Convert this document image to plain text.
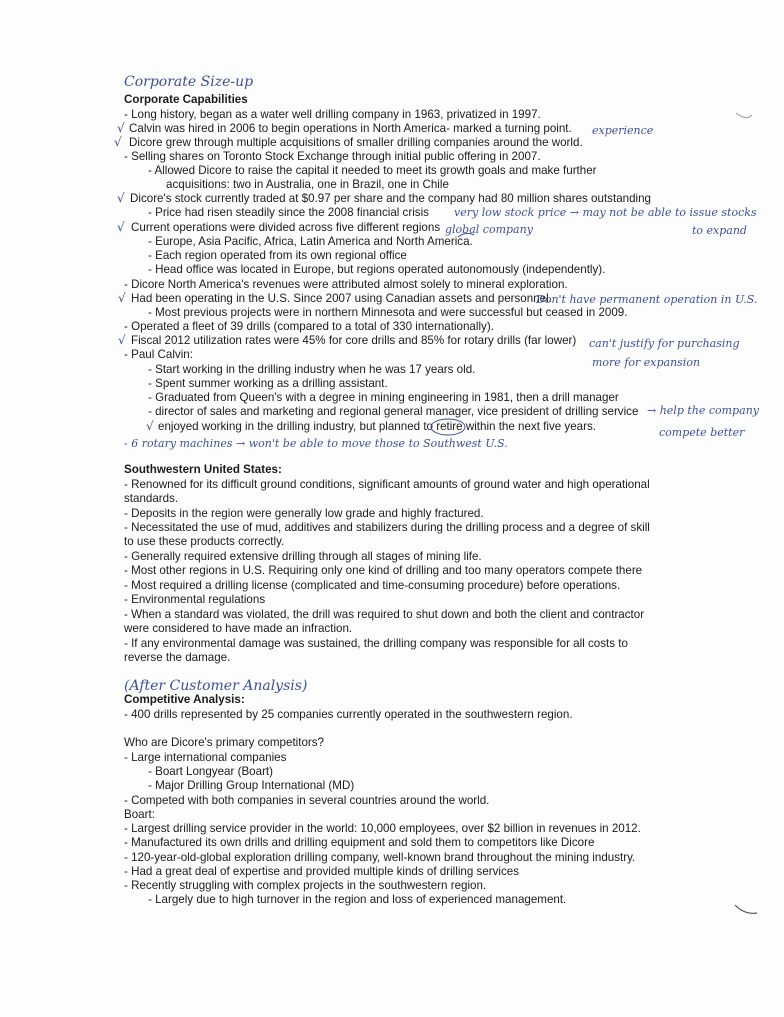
Corporate Capabilities
- Long history, began as a water well drilling company in 1963, privatized in 1997.
Calvin was hired in 2006 to begin operations in North America- marked a turning point.
Dicore grew through multiple acquisitions of smaller drilling companies around the world.
- Selling shares on Toronto Stock Exchange through initial public offering in 2007.
- Allowed Dicore to raise the capital it needed to meet its growth goals and make further
acquisitions: two in Australia, one in Brazil, one in Chile
Dicore's stock currently traded at $0.97 per share and the company had 80 million shares outstanding
- Price had risen steadily since the 2008 financial crisis
Current operations were divided across five different regions
- Europe, Asia Pacific, Africa, Latin America and North America.
- Each region operated from its own regional office
- Head office was located in Europe, but regions operated autonomously (independently).
- Dicore North America's revenues were attributed almost solely to mineral exploration.
Had been operating in the U.S. Since 2007 using Canadian assets and personnel.
- Most previous projects were in northern Minnesota and were successful but ceased in 2009.
- Operated a fleet of 39 drills (compared to a total of 330 internationally).
Fiscal 2012 utilization rates were 45% for core drills and 85% for rotary drills (far lower)
- Paul Calvin:
- Start working in the drilling industry when he was 17 years old.
- Spent summer working as a drilling assistant.
- Graduated from Queen's with a degree in mining engineering in 1981, then a drill manager
- director of sales and marketing and regional general manager, vice president of drilling service
enjoyed working in the drilling industry, but planned to retire within the next five years.
Southwestern United States:
- Renowned for its difficult ground conditions, significant amounts of ground water and high operational
standards.
- Deposits in the region were generally low grade and highly fractured.
- Necessitated the use of mud, additives and stabilizers during the drilling process and a degree of skill
to use these products correctly.
- Generally required extensive drilling through all stages of mining life.
- Most other regions in U.S. Requiring only one kind of drilling and too many operators compete there
- Most required a drilling license (complicated and time-consuming procedure) before operations.
- Environmental regulations
- When a standard was violated, the drill was required to shut down and both the client and contractor
were considered to have made an infraction.
- If any environmental damage was sustained, the drilling company was responsible for all costs to
reverse the damage.
Competitive Analysis:
- 400 drills represented by 25 companies currently operated in the southwestern region.
Who are Dicore's primary competitors?
- Large international companies
- Boart Longyear (Boart)
- Major Drilling Group International (MD)
- Competed with both companies in several countries around the world.
Boart:
- Largest drilling service provider in the world: 10,000 employees, over $2 billion in revenues in 2012.
- Manufactured its own drills and drilling equipment and sold them to competitors like Dicore
- 120-year-old-global exploration drilling company, well-known brand throughout the mining industry.
- Had a great deal of expertise and provided multiple kinds of drilling services
- Recently struggling with complex projects in the southwestern region.
- Largely due to high turnover in the region and loss of experienced management.
√
√
√
√
√
√
√
Corporate Size-up
experience
very low stock price → may not be able to issue stocks
global company	to expand
Don't have permanent operation in U.S.
can't justify for purchasing
more for expansion
→ help the company
compete better
- 6 rotary machines → won't be able to move those to Southwest U.S.
(After Customer Analysis)
